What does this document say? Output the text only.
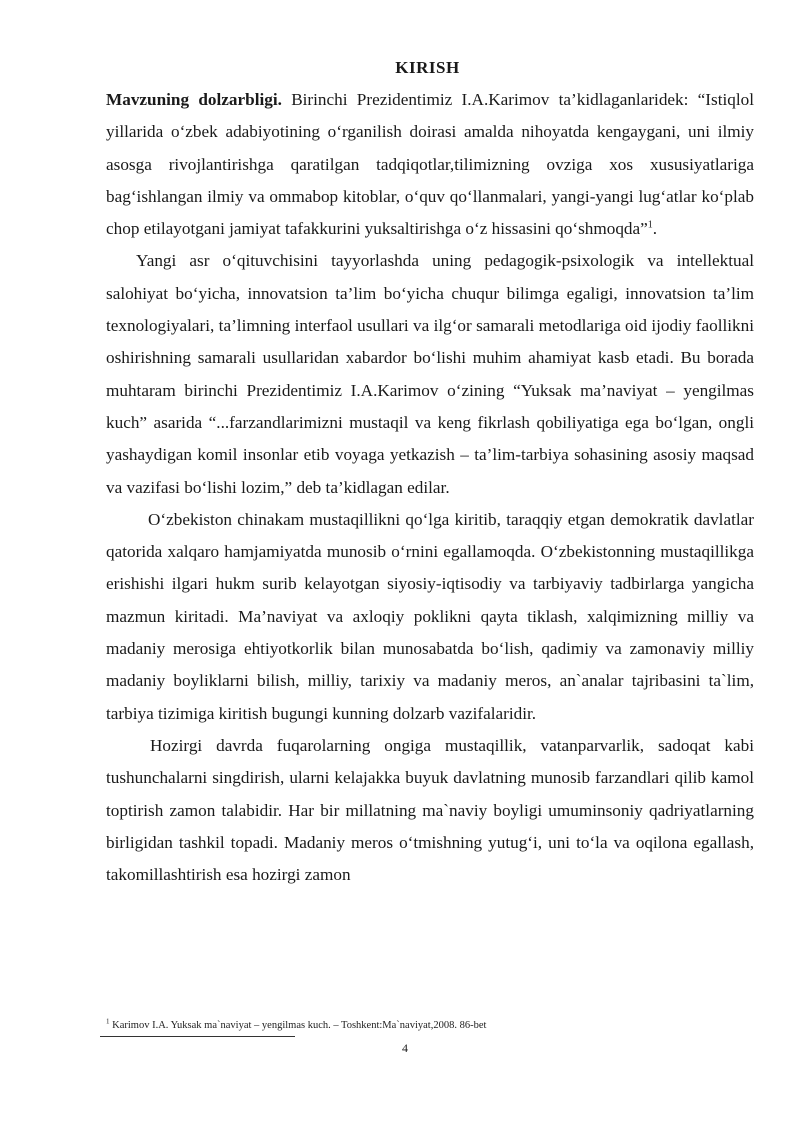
KIRISH

Mavzuning dolzarbligi. Birinchi Prezidentimiz I.A.Karimov ta’kidlaganlaridek: “Istiqlol yillarida o‘zbek adabiyotining o‘rganilish doirasi amalda nihoyatda kengaygani, uni ilmiy asosga rivojlantirishga qaratilgan tadqiqotlar,tilimizning ovziga xos xususiyatlariga bag‘ishlangan ilmiy va ommabop kitoblar, o‘quv qo‘llanmalari, yangi-yangi lug‘atlar ko‘plab chop etilayotgani jamiyat tafakkurini yuksaltirishga o‘z hissasini qo‘shmoqda”$^1$.

Yangi asr o‘qituvchisini tayyorlashda uning pedagogik-psixologik va intellektual salohiyat bo‘yicha, innovatsion ta’lim bo‘yicha chuqur bilimga egaligi, innovatsion ta’lim texnologiyalari, ta’limning interfaol usullari va ilg‘or samarali metodlariga oid ijodiy faollikni oshirishning samarali usullaridan xabardor bo‘lishi muhim ahamiyat kasb etadi. Bu borada muhtaram birinchi Prezidentimiz I.A.Karimov o‘zining “Yuksak ma’naviyat – yengilmas kuch” asarida “...farzandlarimizni mustaqil va keng fikrlash qobiliyatiga ega bo‘lgan, ongli yashaydigan komil insonlar etib voyaga yetkazish – ta’lim-tarbiya sohasining asosiy maqsad va vazifasi bo‘lishi lozim,” deb ta’kidlagan edilar.

O‘zbekiston chinakam mustaqillikni qo‘lga kiritib, taraqqiy etgan demokratik davlatlar qatorida xalqaro hamjamiyatda munosib o‘rnini egallamoqda. O‘zbekistonning mustaqillikga erishishi ilgari hukm surib kelayotgan siyosiy-iqtisodiy va tarbiyaviy tadbirlarga yangicha mazmun kiritadi. Ma’naviyat va axloqiy poklikni qayta tiklash, xalqimizning milliy va madaniy merosiga ehtiyotkorlik bilan munosabatda bo‘lish, qadimiy va zamonaviy milliy madaniy boyliklarni bilish, milliy, tarixiy va madaniy meros, an`analar tajribasini ta`lim, tarbiya tizimiga kiritish bugungi kunning dolzarb vazifalaridir.

Hozirgi davrda fuqarolarning ongiga mustaqillik, vatanparvarlik, sadoqat kabi tushunchalarni singdirish, ularni kelajakka buyuk davlatning munosib farzandlari qilib kamol toptirish zamon talabidir. Har bir millatning ma`naviy boyligi umuminsoniy qadriyatlarning birligidan tashkil topadi. Madaniy meros o‘tmishning yutug‘i, uni to‘la va oqilona egallash, takomillashtirish esa hozirgi zamon

$^1$ Karimov I.A. Yuksak ma`naviyat – yengilmas kuch. – Toshkent:Ma`naviyat,2008. 86-bet
4
